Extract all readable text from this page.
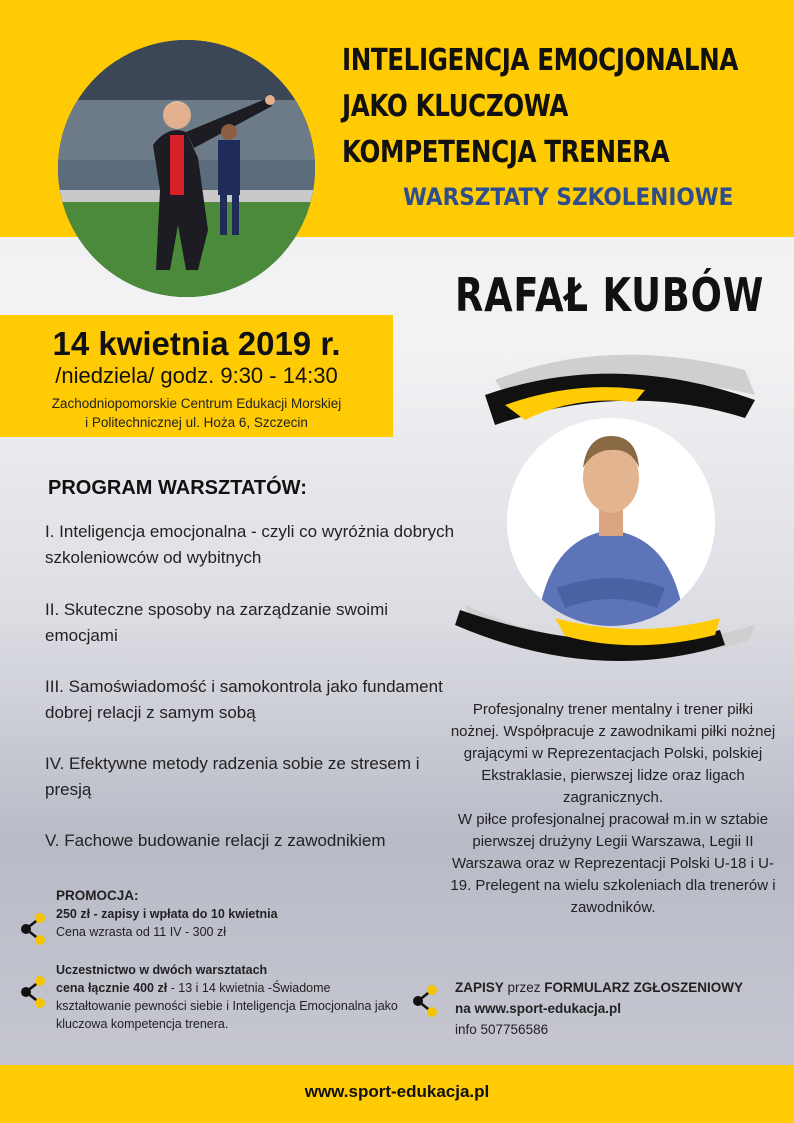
INTELIGENCJA EMOCJONALNA
JAKO KLUCZOWA
KOMPETENCJA TRENERA
WARSZTATY SZKOLENIOWE
RAFAŁ KUBÓW
14 kwietnia 2019 r.
/niedziela/ godz. 9:30 - 14:30
Zachodniopomorskie Centrum Edukacji Morskiej
i Politechnicznej ul. Hoża 6, Szczecin
PROGRAM WARSZTATÓW:
I. Inteligencja emocjonalna - czyli co wyróżnia dobrych szkoleniowców od wybitnych
II. Skuteczne sposoby na zarządzanie swoimi emocjami
III. Samoświadomość i samokontrola jako fundament dobrej relacji z samym sobą
IV. Efektywne metody radzenia sobie ze stresem i presją
V. Fachowe budowanie relacji z zawodnikiem
Profesjonalny trener mentalny i trener piłki nożnej. Współpracuje z zawodnikami piłki nożnej grającymi w Reprezentacjach Polski, polskiej Ekstraklasie, pierwszej lidze oraz ligach zagranicznych.
W piłce profesjonalnej pracował m.in w sztabie pierwszej drużyny Legii Warszawa, Legii II Warszawa oraz w Reprezentacji Polski U-18 i U-19. Prelegent na wielu szkoleniach dla trenerów i zawodników.
PROMOCJA:
250 zł - zapisy i wpłata do 10 kwietnia
Cena wzrasta od 11 IV - 300 zł
Uczestnictwo w dwóch warsztatach
cena łącznie 400 zł - 13 i 14 kwietnia -Świadome kształtowanie pewności siebie i Inteligencja Emocjonalna jako kluczowa kompetencja trenera.
ZAPISY przez FORMULARZ ZGŁOSZENIOWY
na www.sport-edukacja.pl
info 507756586
www.sport-edukacja.pl
